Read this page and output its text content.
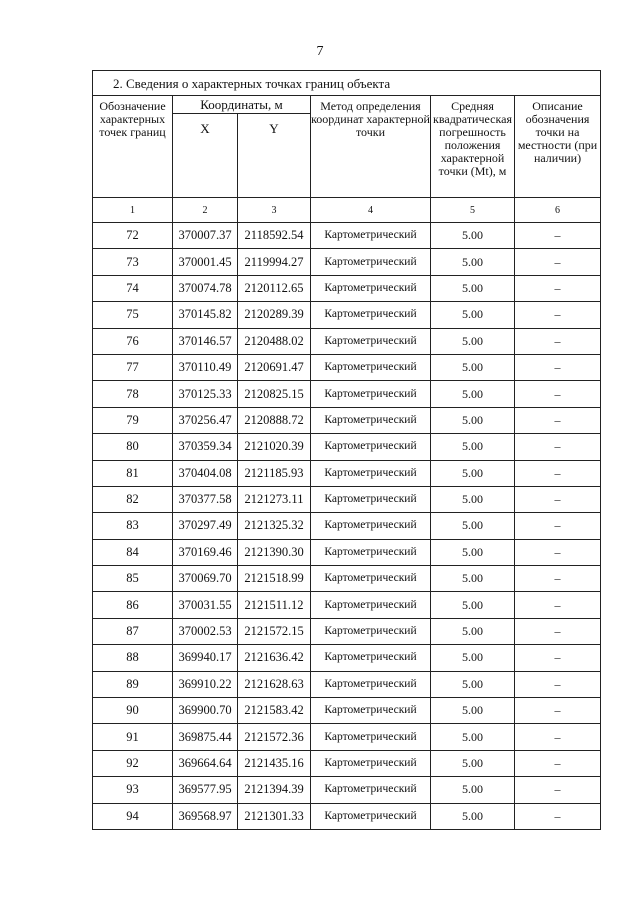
7
2. Сведения о характерных точках границ объекта					
Обозначение характерных точек границ	Координаты, м		Метод определения координат характерной точки	Средняя квадратическая погрешность положения характерной точки (Mt), м	Описание обозначения точки на местности (при наличии)
	X	Y			
1	2	3	4	5	6
72	370007.37	2118592.54	Картометрический	5.00	–
73	370001.45	2119994.27	Картометрический	5.00	–
74	370074.78	2120112.65	Картометрический	5.00	–
75	370145.82	2120289.39	Картометрический	5.00	–
76	370146.57	2120488.02	Картометрический	5.00	–
77	370110.49	2120691.47	Картометрический	5.00	–
78	370125.33	2120825.15	Картометрический	5.00	–
79	370256.47	2120888.72	Картометрический	5.00	–
80	370359.34	2121020.39	Картометрический	5.00	–
81	370404.08	2121185.93	Картометрический	5.00	–
82	370377.58	2121273.11	Картометрический	5.00	–
83	370297.49	2121325.32	Картометрический	5.00	–
84	370169.46	2121390.30	Картометрический	5.00	–
85	370069.70	2121518.99	Картометрический	5.00	–
86	370031.55	2121511.12	Картометрический	5.00	–
87	370002.53	2121572.15	Картометрический	5.00	–
88	369940.17	2121636.42	Картометрический	5.00	–
89	369910.22	2121628.63	Картометрический	5.00	–
90	369900.70	2121583.42	Картометрический	5.00	–
91	369875.44	2121572.36	Картометрический	5.00	–
92	369664.64	2121435.16	Картометрический	5.00	–
93	369577.95	2121394.39	Картометрический	5.00	–
94	369568.97	2121301.33	Картометрический	5.00	–
